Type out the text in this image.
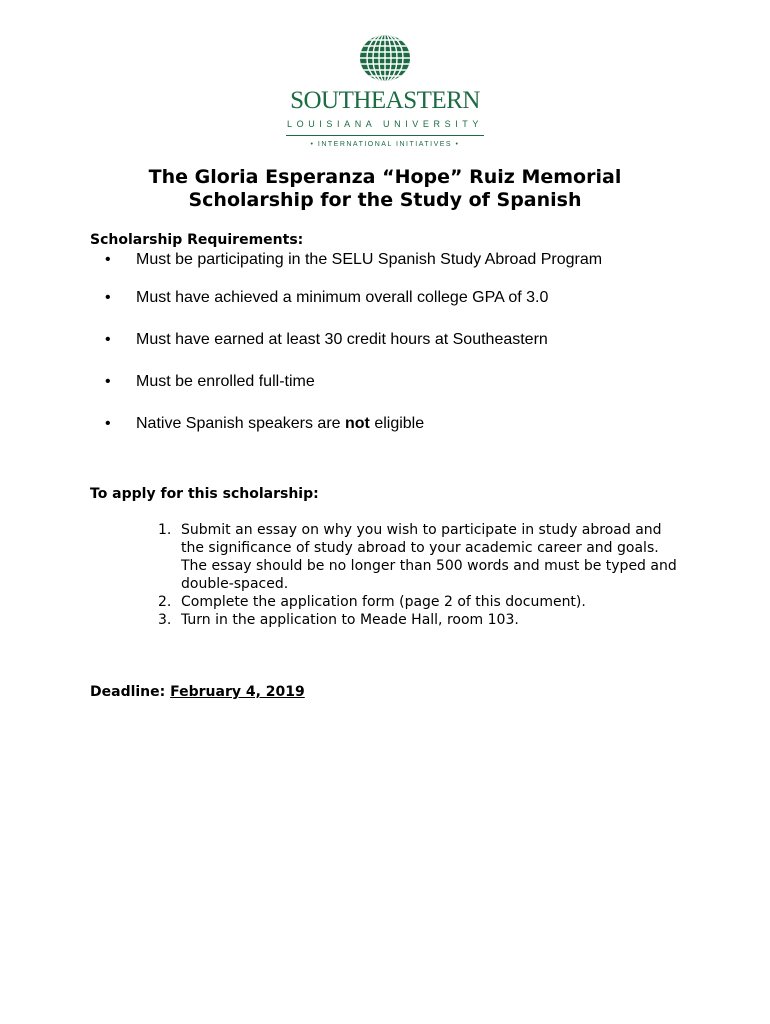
SOUTHEASTERN
LOUISIANA UNIVERSITY
• INTERNATIONAL INITIATIVES •
The Gloria Esperanza “Hope” Ruiz Memorial
Scholarship for the Study of Spanish
Scholarship Requirements:
•	Must be participating in the SELU Spanish Study Abroad Program
•	Must have achieved a minimum overall college GPA of 3.0
•	Must have earned at least 30 credit hours at Southeastern
•	Must be enrolled full-time
•	Native Spanish speakers are not eligible
To apply for this scholarship:
1. Submit an essay on why you wish to participate in study abroad and the significance of study abroad to your academic career and goals. The essay should be no longer than 500 words and must be typed and double-spaced.
2. Complete the application form (page 2 of this document).
3. Turn in the application to Meade Hall, room 103.
Deadline: February 4, 2019
